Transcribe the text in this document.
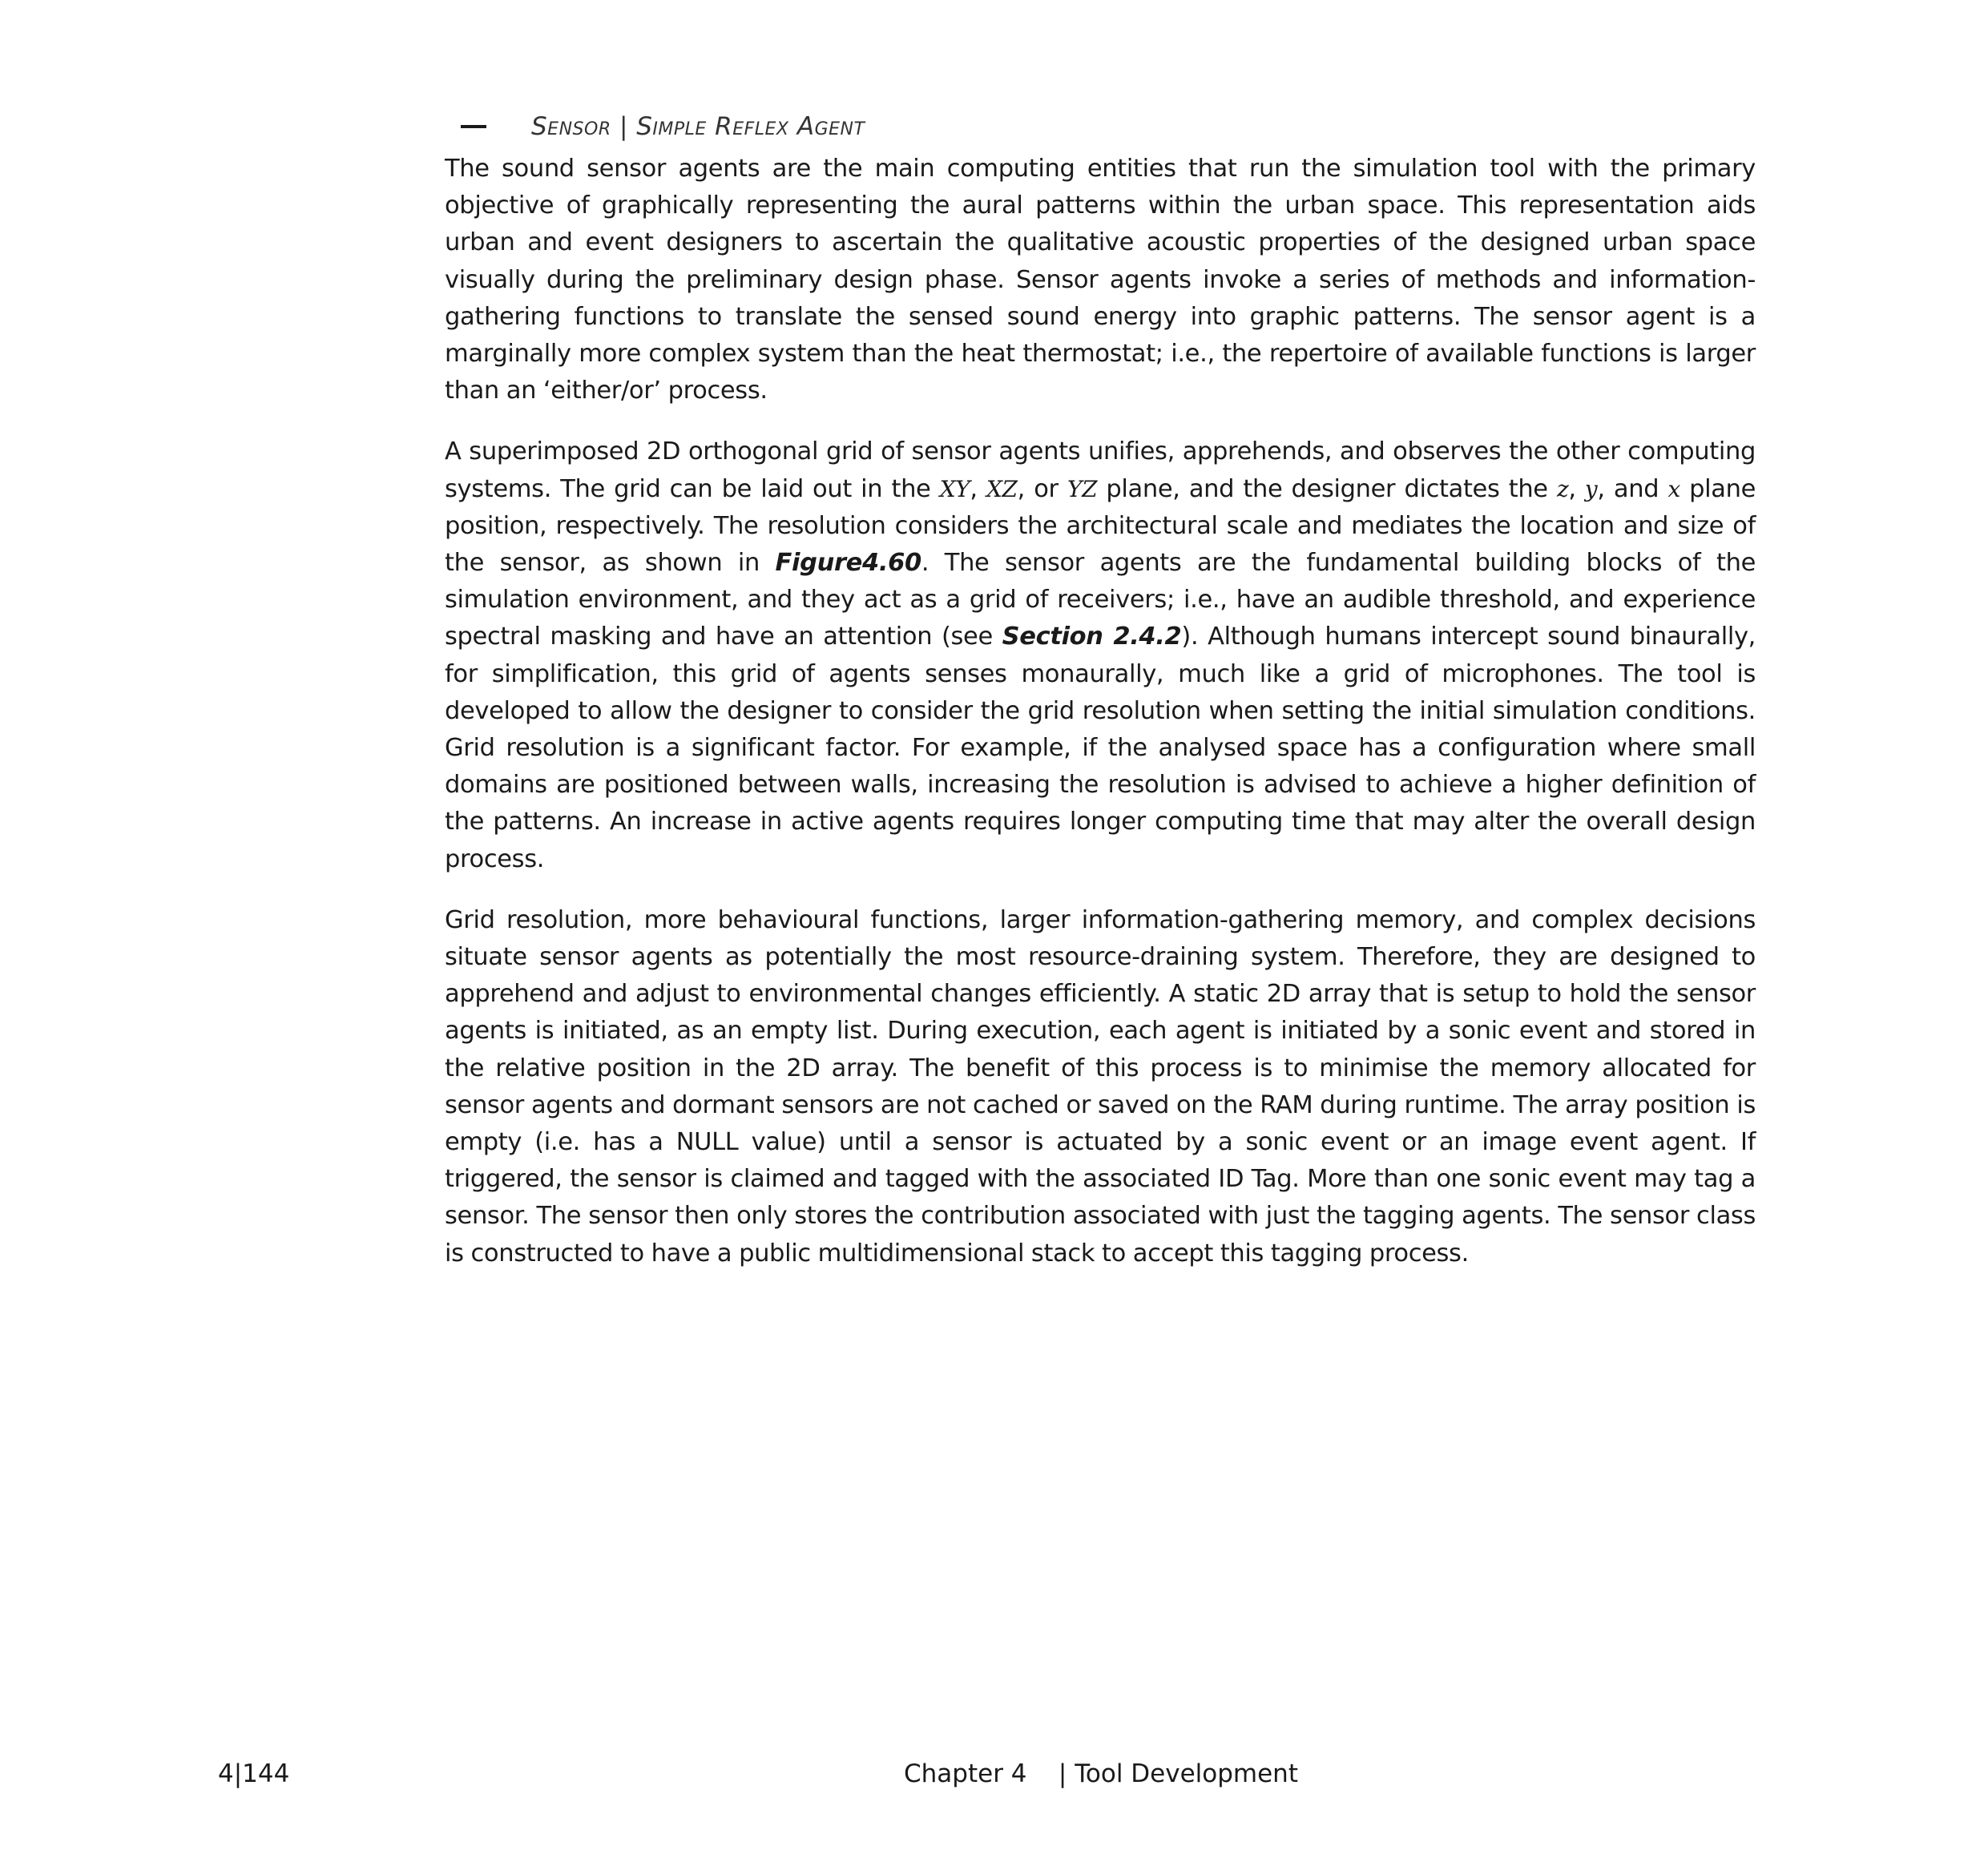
Sensor | Simple Reflex Agent

The sound sensor agents are the main computing entities that run the simulation tool with the primary objective of graphically representing the aural patterns within the urban space. This representation aids urban and event designers to ascertain the qualitative acoustic properties of the designed urban space visually during the preliminary design phase. Sensor agents invoke a series of methods and information-gathering functions to translate the sensed sound energy into graphic patterns. The sensor agent is a marginally more complex system than the heat thermostat; i.e., the repertoire of available functions is larger than an ‘either/or’ process.

A superimposed 2D orthogonal grid of sensor agents unifies, apprehends, and observes the other computing systems. The grid can be laid out in the XY, XZ, or YZ plane, and the designer dictates the z, y, and x plane position, respectively. The resolution considers the architectural scale and mediates the location and size of the sensor, as shown in Figure4.60. The sensor agents are the fundamental building blocks of the simulation environment, and they act as a grid of receivers; i.e., have an audible threshold, and experience spectral masking and have an attention (see Section 2.4.2). Although humans intercept sound binaurally, for simplification, this grid of agents senses monaurally, much like a grid of microphones. The tool is developed to allow the designer to consider the grid resolution when setting the initial simulation conditions. Grid resolution is a significant factor. For example, if the analysed space has a configuration where small domains are positioned between walls, increasing the resolution is advised to achieve a higher definition of the patterns. An increase in active agents requires longer computing time that may alter the overall design process.

Grid resolution, more behavioural functions, larger information-gathering memory, and complex decisions situate sensor agents as potentially the most resource-draining system. Therefore, they are designed to apprehend and adjust to environmental changes efficiently. A static 2D array that is setup to hold the sensor agents is initiated, as an empty list. During execution, each agent is initiated by a sonic event and stored in the relative position in the 2D array. The benefit of this process is to minimise the memory allocated for sensor agents and dormant sensors are not cached or saved on the RAM during runtime. The array position is empty (i.e. has a NULL value) until a sensor is actuated by a sonic event or an image event agent. If triggered, the sensor is claimed and tagged with the associated ID Tag. More than one sonic event may tag a sensor. The sensor then only stores the contribution associated with just the tagging agents. The sensor class is constructed to have a public multidimensional stack to accept this tagging process.

4|144	Chapter 4    | Tool Development
